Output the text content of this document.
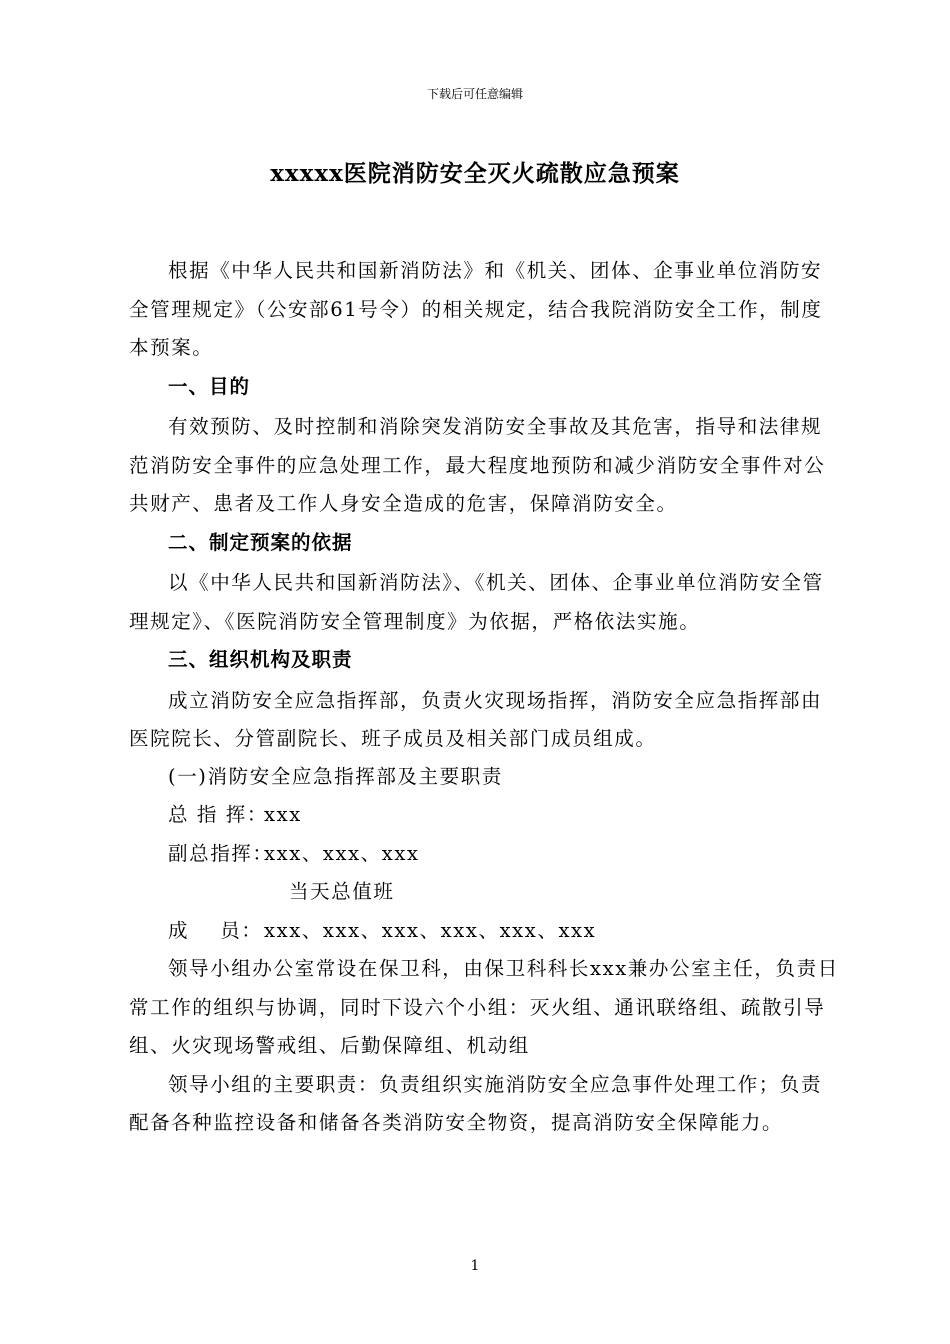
下载后可任意编辑
xxxxx医院消防安全灭火疏散应急预案

根据《中华人民共和国新消防法》和《机关、团体、企事业单位消防安全管理规定》（公安部61号令）的相关规定，结合我院消防安全工作，制度本预案。

一、目的

有效预防、及时控制和消除突发消防安全事故及其危害，指导和法律规范消防安全事件的应急处理工作，最大程度地预防和减少消防安全事件对公共财产、患者及工作人身安全造成的危害，保障消防安全。

二、制定预案的依据

以《中华人民共和国新消防法》、《机关、团体、企事业单位消防安全管理规定》、《医院消防安全管理制度》为依据，严格依法实施。

三、组织机构及职责

成立消防安全应急指挥部，负责火灾现场指挥，消防安全应急指挥部由医院院长、分管副院长、班子成员及相关部门成员组成。

(一)消防安全应急指挥部及主要职责

总 指 挥：
xxx
副总指挥：
xxx、xxx、xxx

当天总值班

成    员： xxx、xxx、xxx、xxx、xxx、xxx

领导小组办公室常设在保卫科，由保卫科科长xxx兼办公室主任，负责日常工作的组织与协调，同时下设六个小组：灭火组、通讯联络组、疏散引导组、火灾现场警戒组、后勤保障组、机动组

领导小组的主要职责：负责组织实施消防安全应急事件处理工作；负责配备各种监控设备和储备各类消防安全物资，提高消防安全保障能力。

1
